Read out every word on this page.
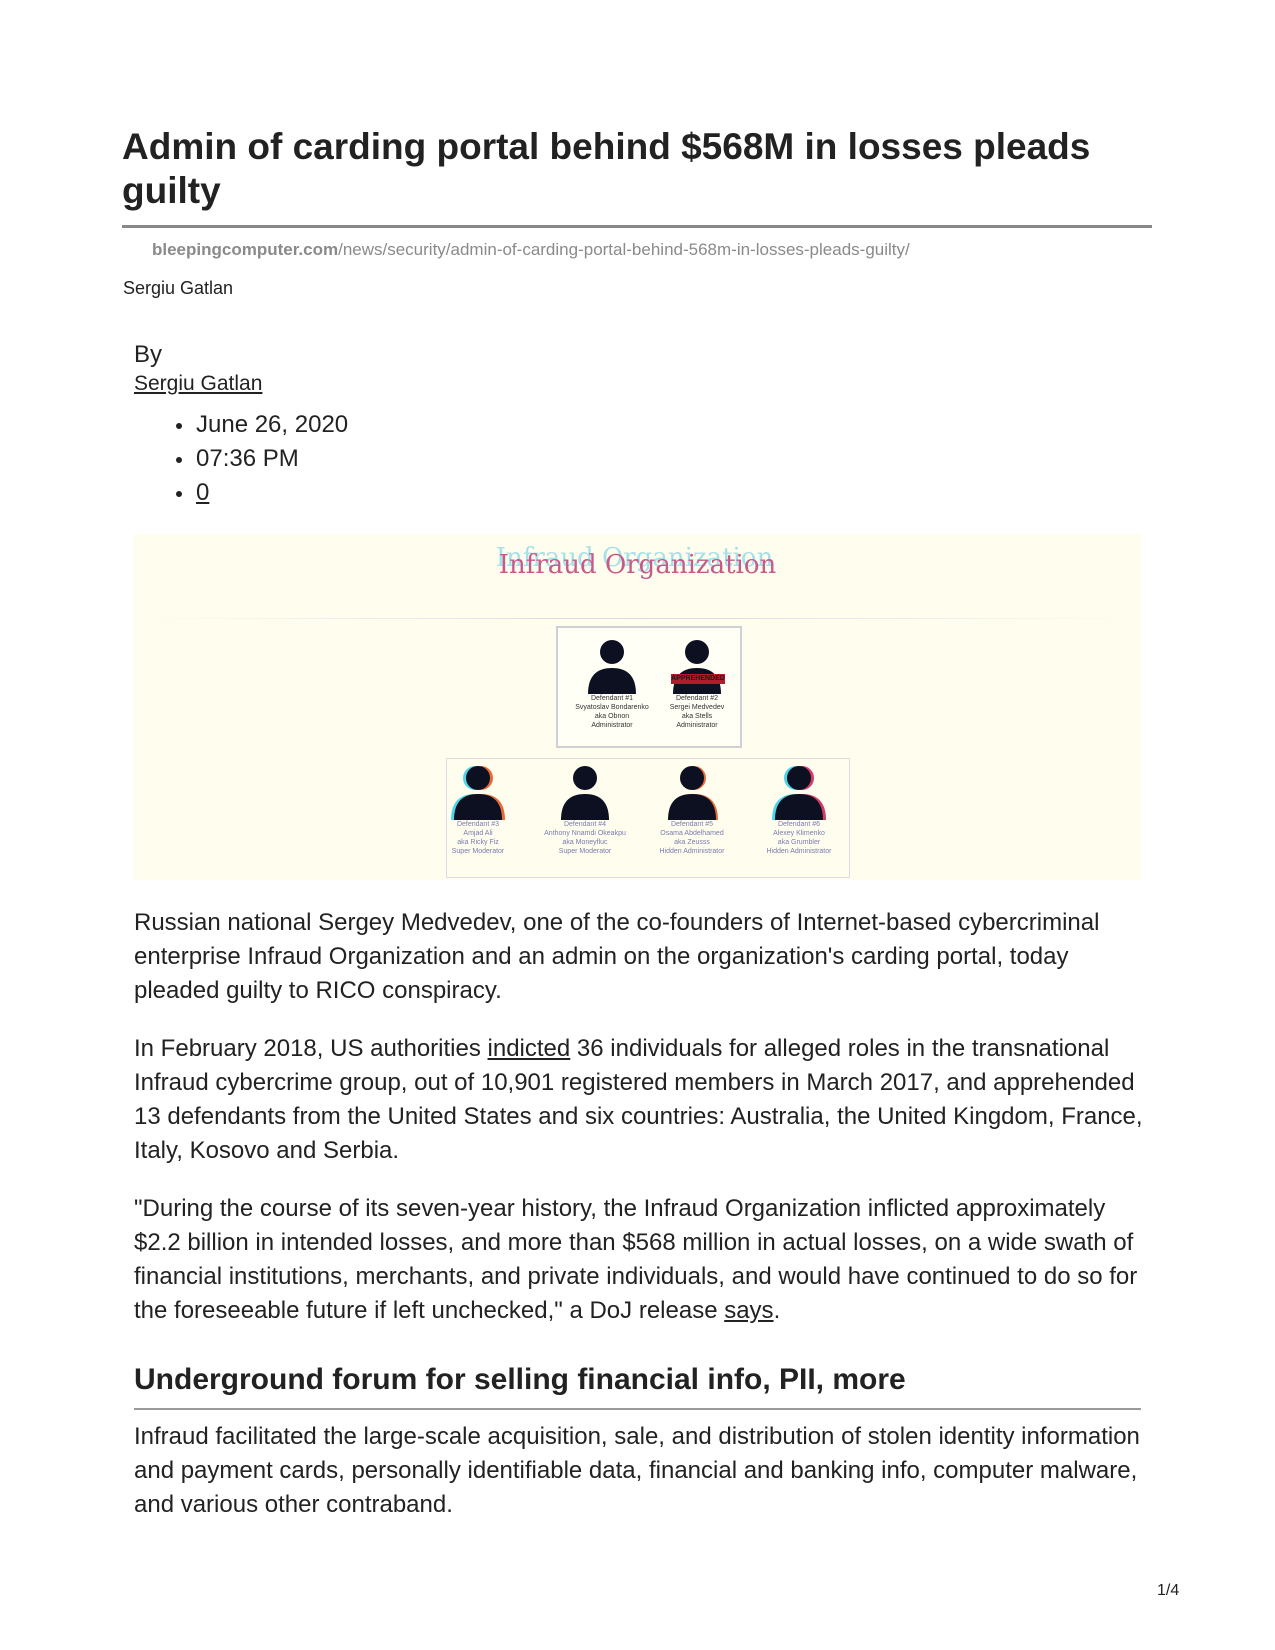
Admin of carding portal behind $568M in losses pleads guilty
bleepingcomputer.com/news/security/admin-of-carding-portal-behind-568m-in-losses-pleads-guilty/
Sergiu Gatlan
By
Sergiu Gatlan
June 26, 2020
07:36 PM
0
Infraud Organization
Defendant #1
Svyatoslav Bondarenko
aka Obnon
Administrator
APPREHENDED
Defendant #2
Sergei Medvedev
aka Stells
Administrator
Defendant #3
Amjad Ali
aka Ricky Fiz
Super Moderator
Defendant #4
Anthony Nnamdi Okeakpu
aka Moneyfluc
Super Moderator
Defendant #5
Osama Abdelhamed
aka Zeusss
Hidden Administrator
Defendant #6
Alexey Klimenko
aka Grumbler
Hidden Administrator

Russian national Sergey Medvedev, one of the co-founders of Internet-based cybercriminal enterprise Infraud Organization and an admin on the organization's carding portal, today pleaded guilty to RICO conspiracy.

In February 2018, US authorities indicted 36 individuals for alleged roles in the transnational Infraud cybercrime group, out of 10,901 registered members in March 2017, and apprehended 13 defendants from the United States and six countries: Australia, the United Kingdom, France, Italy, Kosovo and Serbia.

"During the course of its seven-year history, the Infraud Organization inflicted approximately $2.2 billion in intended losses, and more than $568 million in actual losses, on a wide swath of financial institutions, merchants, and private individuals, and would have continued to do so for the foreseeable future if left unchecked," a DoJ release says.

Underground forum for selling financial info, PII, more

Infraud facilitated the large-scale acquisition, sale, and distribution of stolen identity information and payment cards, personally identifiable data, financial and banking info, computer malware, and various other contraband.

1/4
